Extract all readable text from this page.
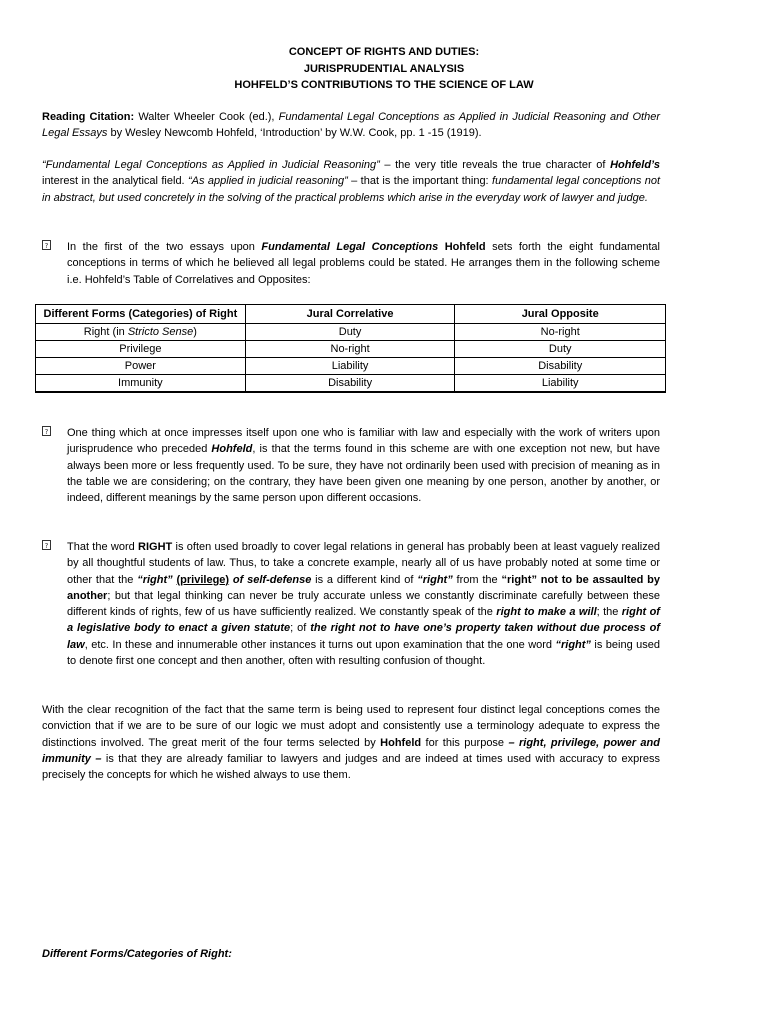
CONCEPT OF RIGHTS AND DUTIES:
JURISPRUDENTIAL ANALYSIS
HOHFELD’S CONTRIBUTIONS TO THE SCIENCE OF LAW

Reading Citation: Walter Wheeler Cook (ed.), Fundamental Legal Conceptions as Applied in Judicial Reasoning and Other Legal Essays by Wesley Newcomb Hohfeld, ‘Introduction’ by W.W. Cook, pp. 1 -15 (1919).

“Fundamental Legal Conceptions as Applied in Judicial Reasoning” – the very title reveals the true character of Hohfeld’s interest in the analytical field. “As applied in judicial reasoning” – that is the important thing: fundamental legal conceptions not in abstract, but used concretely in the solving of the practical problems which arise in the everyday work of lawyer and judge.

? In the first of the two essays upon Fundamental Legal Conceptions Hohfeld sets forth the eight fundamental conceptions in terms of which he believed all legal problems could be stated. He arranges them in the following scheme i.e. Hohfeld’s Table of Correlatives and Opposites:

Different Forms (Categories) of Right	Jural Correlative	Jural Opposite
Right (in Stricto Sense)	Duty	No-right
Privilege	No-right	Duty
Power	Liability	Disability
Immunity	Disability	Liability
? One thing which at once impresses itself upon one who is familiar with law and especially with the work of writers upon jurisprudence who preceded Hohfeld, is that the terms found in this scheme are with one exception not new, but have always been more or less frequently used. To be sure, they have not ordinarily been used with precision of meaning as in the table we are considering; on the contrary, they have been given one meaning by one person, another by another, or indeed, different meanings by the same person upon different occasions.

? That the word RIGHT is often used broadly to cover legal relations in general has probably been at least vaguely realized by all thoughtful students of law. Thus, to take a concrete example, nearly all of us have probably noted at some time or other that the “right” (privilege) of self-defense is a different kind of “right” from the “right” not to be assaulted by another; but that legal thinking can never be truly accurate unless we constantly discriminate carefully between these different kinds of rights, few of us have sufficiently realized. We constantly speak of the right to make a will; the right of a legislative body to enact a given statute; of the right not to have one’s property taken without due process of law, etc. In these and innumerable other instances it turns out upon examination that the one word “right” is being used to denote first one concept and then another, often with resulting confusion of thought.

With the clear recognition of the fact that the same term is being used to represent four distinct legal conceptions comes the conviction that if we are to be sure of our logic we must adopt and consistently use a terminology adequate to express the distinctions involved. The great merit of the four terms selected by Hohfeld for this purpose – right, privilege, power and immunity – is that they are already familiar to lawyers and judges and are indeed at times used with accuracy to express precisely the concepts for which he wished always to use them.

Different Forms/Categories of Right:
